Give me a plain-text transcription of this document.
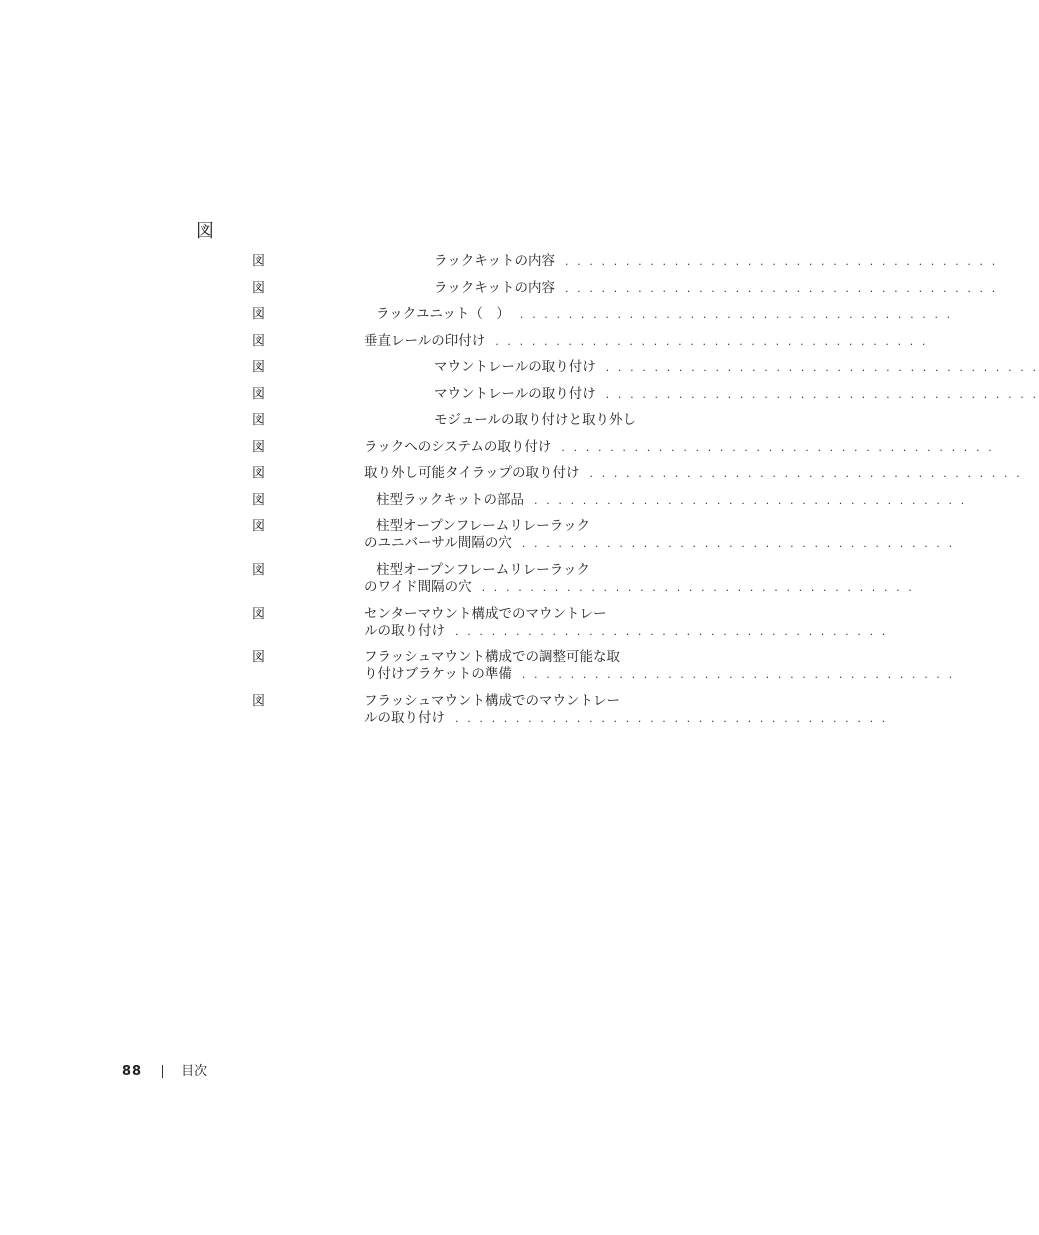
図
図	ラックキットの内容 . . . . . . . . . . . . . . . . . . . . . . . . . . . . . . . . . . . .
図	ラックキットの内容 . . . . . . . . . . . . . . . . . . . . . . . . . . . . . . . . . . . .
図	ラックユニット（　） . . . . . . . . . . . . . . . . . . . . . . . . . . . . . . . . . . . .
図	垂直レールの印付け . . . . . . . . . . . . . . . . . . . . . . . . . . . . . . . . . . . .
図	マウントレールの取り付け . . . . . . . . . . . . . . . . . . . . . . . . . . . . . . . . . . . .
図	マウントレールの取り付け . . . . . . . . . . . . . . . . . . . . . . . . . . . . . . . . . . . .
図	モジュールの取り付けと取り外し
図	ラックへのシステムの取り付け . . . . . . . . . . . . . . . . . . . . . . . . . . . . . . . . . . . .
図	取り外し可能タイラップの取り付け . . . . . . . . . . . . . . . . . . . . . . . . . . . . . . . . . . . .
図	柱型ラックキットの部品 . . . . . . . . . . . . . . . . . . . . . . . . . . . . . . . . . . . .
図	柱型オープンフレームリレーラック
のユニバーサル間隔の穴 . . . . . . . . . . . . . . . . . . . . . . . . . . . . . . . . . . . .
図	柱型オープンフレームリレーラック
のワイド間隔の穴 . . . . . . . . . . . . . . . . . . . . . . . . . . . . . . . . . . . .
図	センターマウント構成でのマウントレー
ルの取り付け . . . . . . . . . . . . . . . . . . . . . . . . . . . . . . . . . . . .
図	フラッシュマウント構成での調整可能な取
り付けブラケットの準備 . . . . . . . . . . . . . . . . . . . . . . . . . . . . . . . . . . . .
図	フラッシュマウント構成でのマウントレー
ルの取り付け . . . . . . . . . . . . . . . . . . . . . . . . . . . . . . . . . . . .
88	目次
